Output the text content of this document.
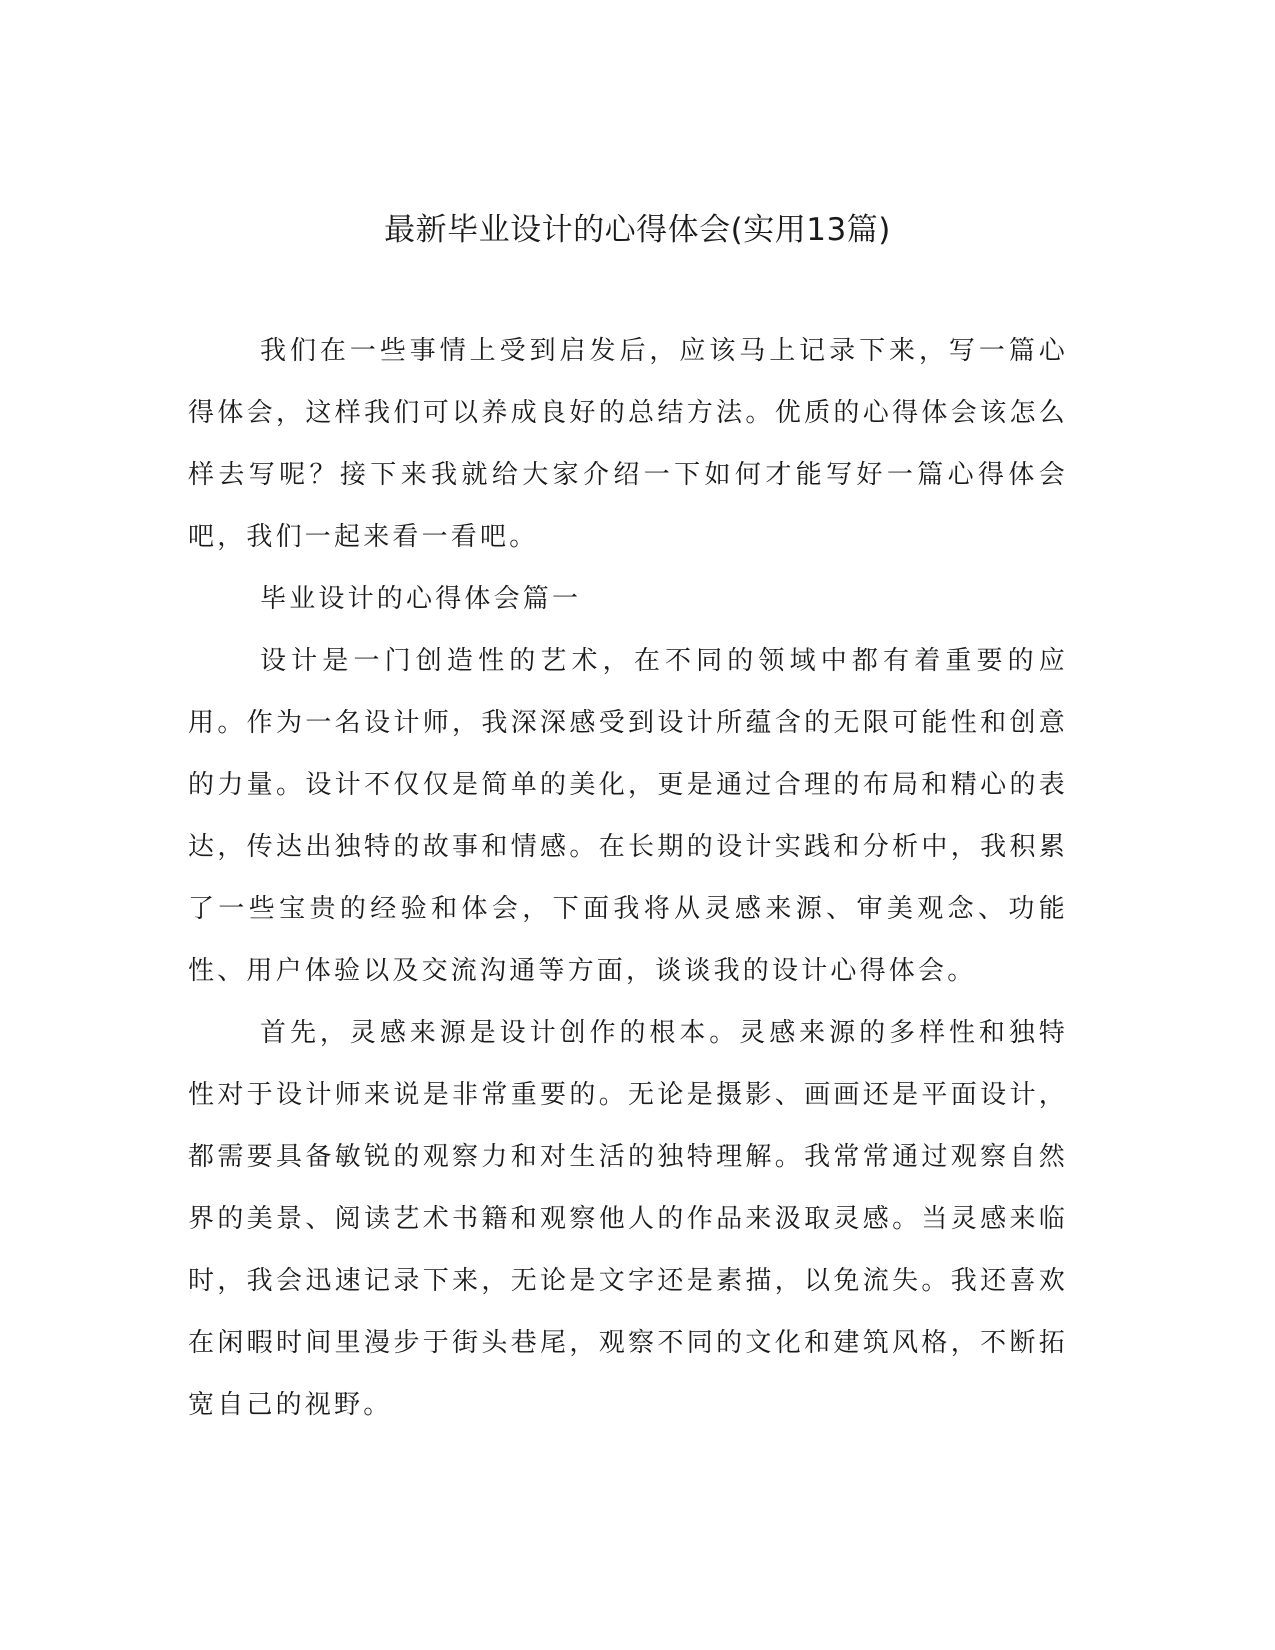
最新毕业设计的心得体会(实用13篇)

我们在一些事情上受到启发后，应该马上记录下来，写一篇心得体会，这样我们可以养成良好的总结方法。优质的心得体会该怎么样去写呢？接下来我就给大家介绍一下如何才能写好一篇心得体会吧，我们一起来看一看吧。

毕业设计的心得体会篇一

设计是一门创造性的艺术，在不同的领域中都有着重要的应用。作为一名设计师，我深深感受到设计所蕴含的无限可能性和创意的力量。设计不仅仅是简单的美化，更是通过合理的布局和精心的表达，传达出独特的故事和情感。在长期的设计实践和分析中，我积累了一些宝贵的经验和体会，下面我将从灵感来源、审美观念、功能性、用户体验以及交流沟通等方面，谈谈我的设计心得体会。

首先，灵感来源是设计创作的根本。灵感来源的多样性和独特性对于设计师来说是非常重要的。无论是摄影、画画还是平面设计，都需要具备敏锐的观察力和对生活的独特理解。我常常通过观察自然界的美景、阅读艺术书籍和观察他人的作品来汲取灵感。当灵感来临时，我会迅速记录下来，无论是文字还是素描，以免流失。我还喜欢在闲暇时间里漫步于街头巷尾，观察不同的文化和建筑风格，不断拓宽自己的视野。
